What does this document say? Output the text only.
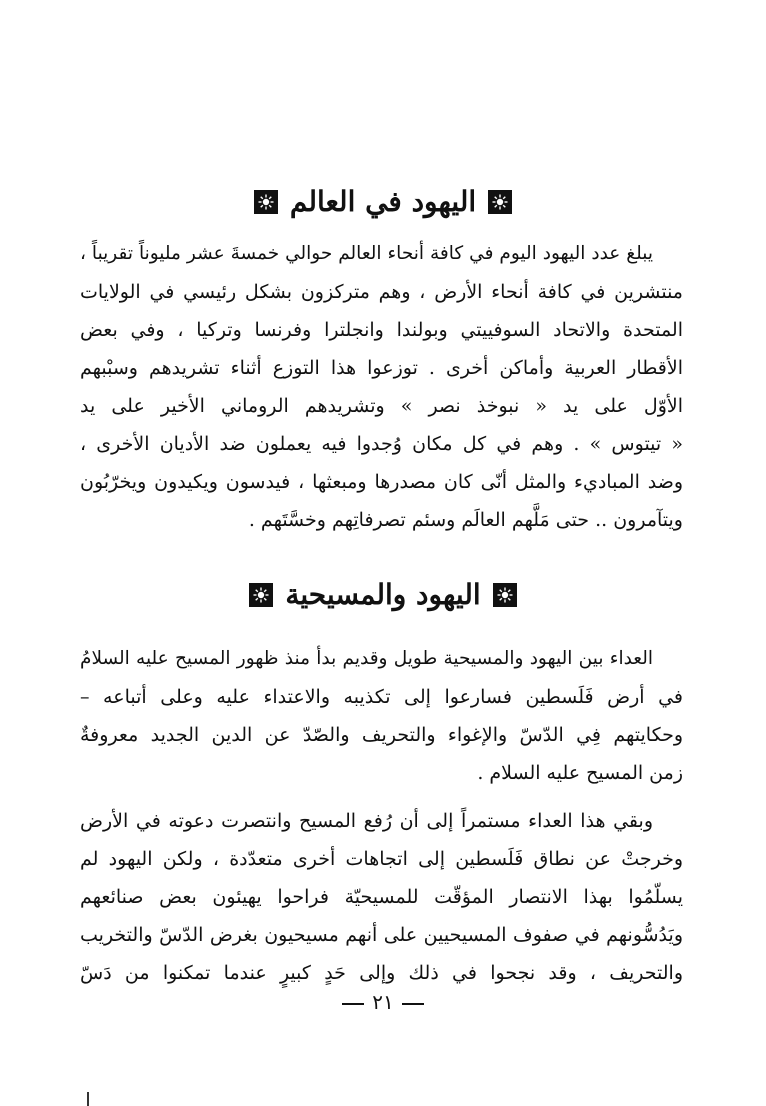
اليهود في العالم
يبلغ عدد اليهود اليوم في كافة أنحاء العالم حوالي خمسةَ عشر مليوناً تقريباً ،
منتشرين في كافة أنحاء الأرض ، وهم متركزون بشكل رئيسي في الولايات
المتحدة والاتحاد السوفييتي وبولندا وانجلترا وفرنسا وتركيا ، وفي بعض
الأقطار العربية وأماكن أخرى . توزعوا هذا التوزع أثناء تشريدهم وسبْبهم
الأوّل على يد « نبوخذ نصر » وتشريدهم الروماني الأخير على يد
« تيتوس » . وهم في كل مكان وُجدوا فيه يعملون ضد الأديان الأخرى ،
وضد المباديء والمثل أنّى كان مصدرها ومبعثها ، فيدسون ويكيدون ويخرّبُون
ويتآمرون .. حتى مَلَّهم العالَم وسئم تصرفاتِهم وخسَّتَهم .
اليهود والمسيحية
العداء بين اليهود والمسيحية طويل وقديم بدأ منذ ظهور المسيح عليه السلامُ
في أرض فَلَسطين فسارعوا إلى تكذيبه والاعتداء عليه وعلى أتباعه –
وحكايتهم فِي الدّسّ والإغواء والتحريف والصّدّ عن الدين الجديد معروفةٌ
زمن المسيح عليه السلام .
وبقي هذا العداء مستمراً إلى أن رُفع المسيح وانتصرت دعوته في الأرض
وخرجتْ عن نطاق فَلَسطين إلى اتجاهات أخرى متعدّدة ، ولكن اليهود لم
يسلّمُوا بهذا الانتصار المؤقّت للمسيحيّة فراحوا يهيئون بعض صنائعهم
ويَدُسُّونهم في صفوف المسيحيين على أنهم مسيحيون بغرض الدّسّ والتخريب
والتحريف ، وقد نجحوا في ذلك وإلى حَدٍ كبيرٍ عندما تمكنوا من دَسّ
٢١
